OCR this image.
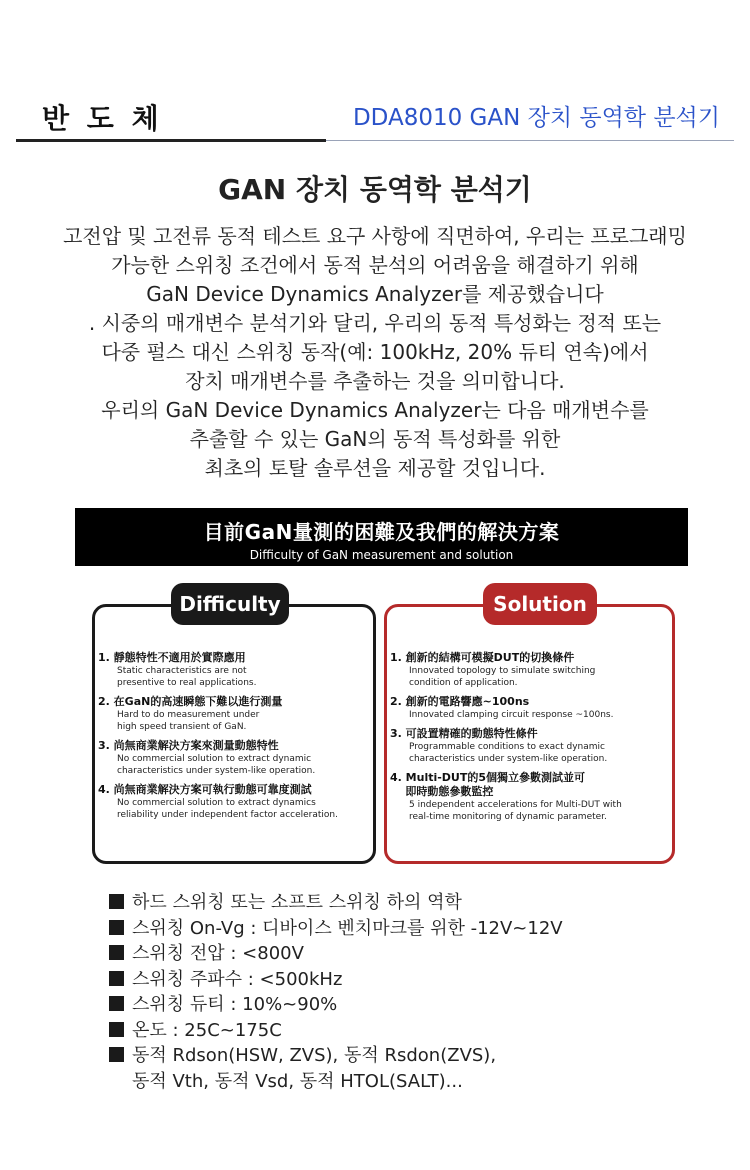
반 도 체	DDA8010 GAN 장치 동역학 분석기
GAN 장치 동역학 분석기

고전압 및 고전류 동적 테스트 요구 사항에 직면하여, 우리는 프로그래밍

가능한 스위칭 조건에서 동적 분석의 어려움을 해결하기 위해

GaN Device Dynamics Analyzer를 제공했습니다

. 시중의 매개변수 분석기와 달리, 우리의 동적 특성화는 정적 또는

다중 펄스 대신 스위칭 동작(예: 100kHz, 20% 듀티 연속)에서

장치 매개변수를 추출하는 것을 의미합니다.

우리의 GaN Device Dynamics Analyzer는 다음 매개변수를

추출할 수 있는 GaN의 동적 특성화를 위한

최초의 토탈 솔루션을 제공할 것입니다.

目前GaN量測的困難及我們的解決方案
Difficulty of GaN measurement and solution
1. 靜態特性不適用於實際應用
Static characteristics are not
presentive to real applications.
2. 在GaN的高速瞬態下難以進行測量
Hard to do measurement under
high speed transient of GaN.
3. 尚無商業解決方案來測量動態特性
No commercial solution to extract dynamic
characteristics under system-like operation.
4. 尚無商業解決方案可執行動態可靠度測試
No commercial solution to extract dynamics
reliability under independent factor acceleration.
Difficulty
1. 創新的結構可模擬DUT的切換條件
Innovated topology to simulate switching
condition of application.
2. 創新的電路響應~100ns
Innovated clamping circuit response ~100ns.
3. 可設置精確的動態特性條件
Programmable conditions to exact dynamic
characteristics under system-like operation.
4. Multi-DUT的5個獨立參數測試並可
即時動態參數監控
5 independent accelerations for Multi-DUT with
real-time monitoring of dynamic parameter.
Solution
하드 스위칭 또는 소프트 스위칭 하의 역학
스위칭 On-Vg : 디바이스 벤치마크를 위한 -12V~12V
스위칭 전압 : <800V
스위칭 주파수 : <500kHz
스위칭 듀티 : 10%~90%
온도 : 25C~175C
동적 Rdson(HSW, ZVS), 동적 Rsdon(ZVS),
동적 Vth, 동적 Vsd, 동적 HTOL(SALT)...
